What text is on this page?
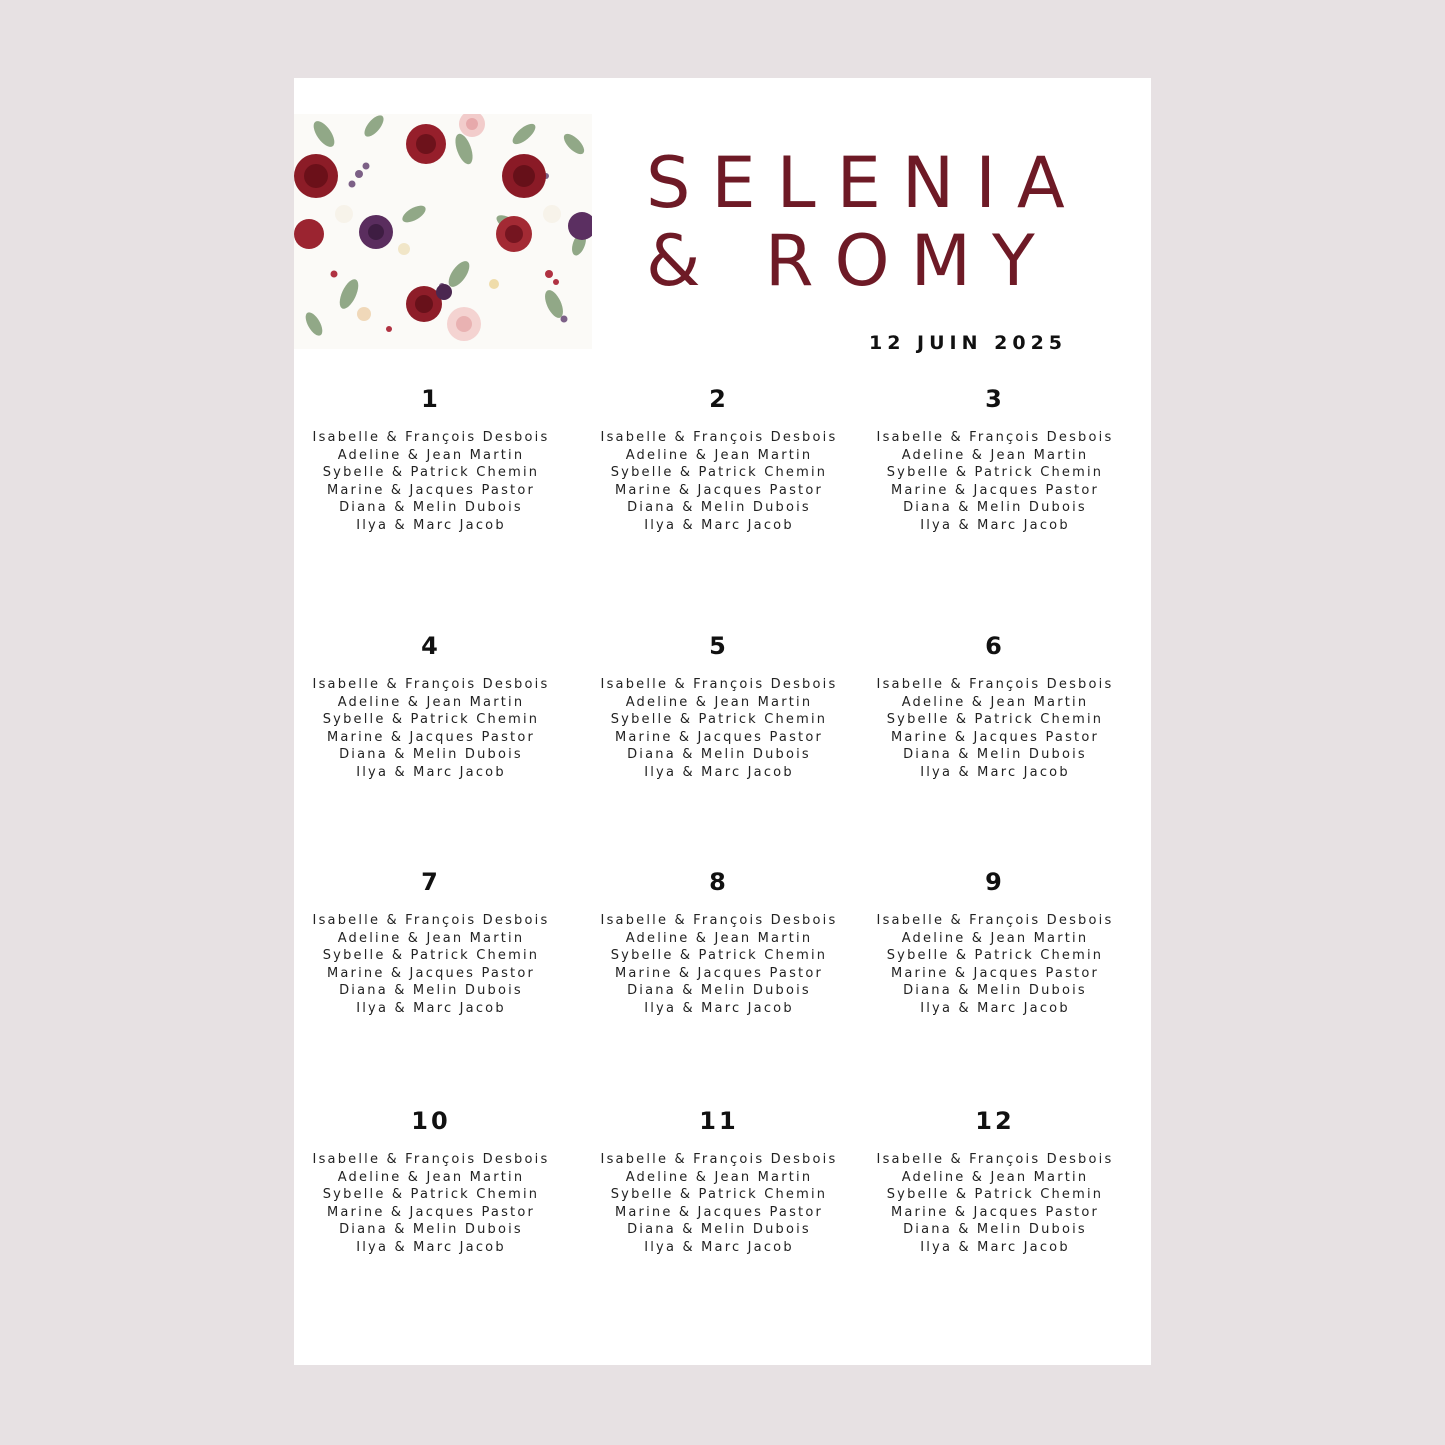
SELENIA
& ROMY
12 JUIN 2025
1
Isabelle & François Desbois
Adeline & Jean Martin
Sybelle & Patrick Chemin
Marine & Jacques Pastor
Diana & Melin Dubois
Ilya & Marc Jacob
2
Isabelle & François Desbois
Adeline & Jean Martin
Sybelle & Patrick Chemin
Marine & Jacques Pastor
Diana & Melin Dubois
Ilya & Marc Jacob
3
Isabelle & François Desbois
Adeline & Jean Martin
Sybelle & Patrick Chemin
Marine & Jacques Pastor
Diana & Melin Dubois
Ilya & Marc Jacob
4
Isabelle & François Desbois
Adeline & Jean Martin
Sybelle & Patrick Chemin
Marine & Jacques Pastor
Diana & Melin Dubois
Ilya & Marc Jacob
5
Isabelle & François Desbois
Adeline & Jean Martin
Sybelle & Patrick Chemin
Marine & Jacques Pastor
Diana & Melin Dubois
Ilya & Marc Jacob
6
Isabelle & François Desbois
Adeline & Jean Martin
Sybelle & Patrick Chemin
Marine & Jacques Pastor
Diana & Melin Dubois
Ilya & Marc Jacob
7
Isabelle & François Desbois
Adeline & Jean Martin
Sybelle & Patrick Chemin
Marine & Jacques Pastor
Diana & Melin Dubois
Ilya & Marc Jacob
8
Isabelle & François Desbois
Adeline & Jean Martin
Sybelle & Patrick Chemin
Marine & Jacques Pastor
Diana & Melin Dubois
Ilya & Marc Jacob
9
Isabelle & François Desbois
Adeline & Jean Martin
Sybelle & Patrick Chemin
Marine & Jacques Pastor
Diana & Melin Dubois
Ilya & Marc Jacob
10
Isabelle & François Desbois
Adeline & Jean Martin
Sybelle & Patrick Chemin
Marine & Jacques Pastor
Diana & Melin Dubois
Ilya & Marc Jacob
11
Isabelle & François Desbois
Adeline & Jean Martin
Sybelle & Patrick Chemin
Marine & Jacques Pastor
Diana & Melin Dubois
Ilya & Marc Jacob
12
Isabelle & François Desbois
Adeline & Jean Martin
Sybelle & Patrick Chemin
Marine & Jacques Pastor
Diana & Melin Dubois
Ilya & Marc Jacob
